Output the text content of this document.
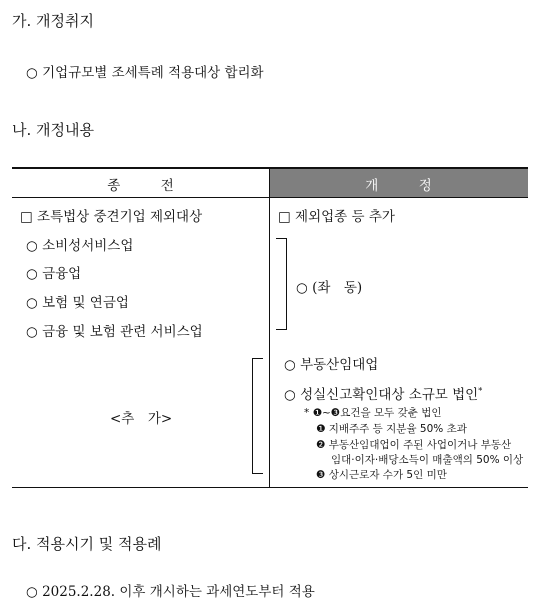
가. 개정취지
○ 기업규모별 조세특례 적용대상 합리화
나. 개정내용
종　　　전	개　　　정
□ 조특법상 중견기업 제외대상
○ 소비성서비스업
○ 금융업
○ 보험 및 연금업
○ 금융 및 보험 관련 서비스업
<추　가>
□ 제외업종 등 추가
○ (좌　동)
○ 부동산임대업
○ 성실신고확인대상 소규모 법인*
* ❶~❸요건을 모두 갖춘 법인
❶ 지배주주 등 지분율 50% 초과
❷ 부동산임대업이 주된 사업이거나 부동산
임대·이자·배당소득이 매출액의 50% 이상
❸ 상시근로자 수가 5인 미만
다. 적용시기 및 적용례
○ 2025.2.28. 이후 개시하는 과세연도부터 적용
